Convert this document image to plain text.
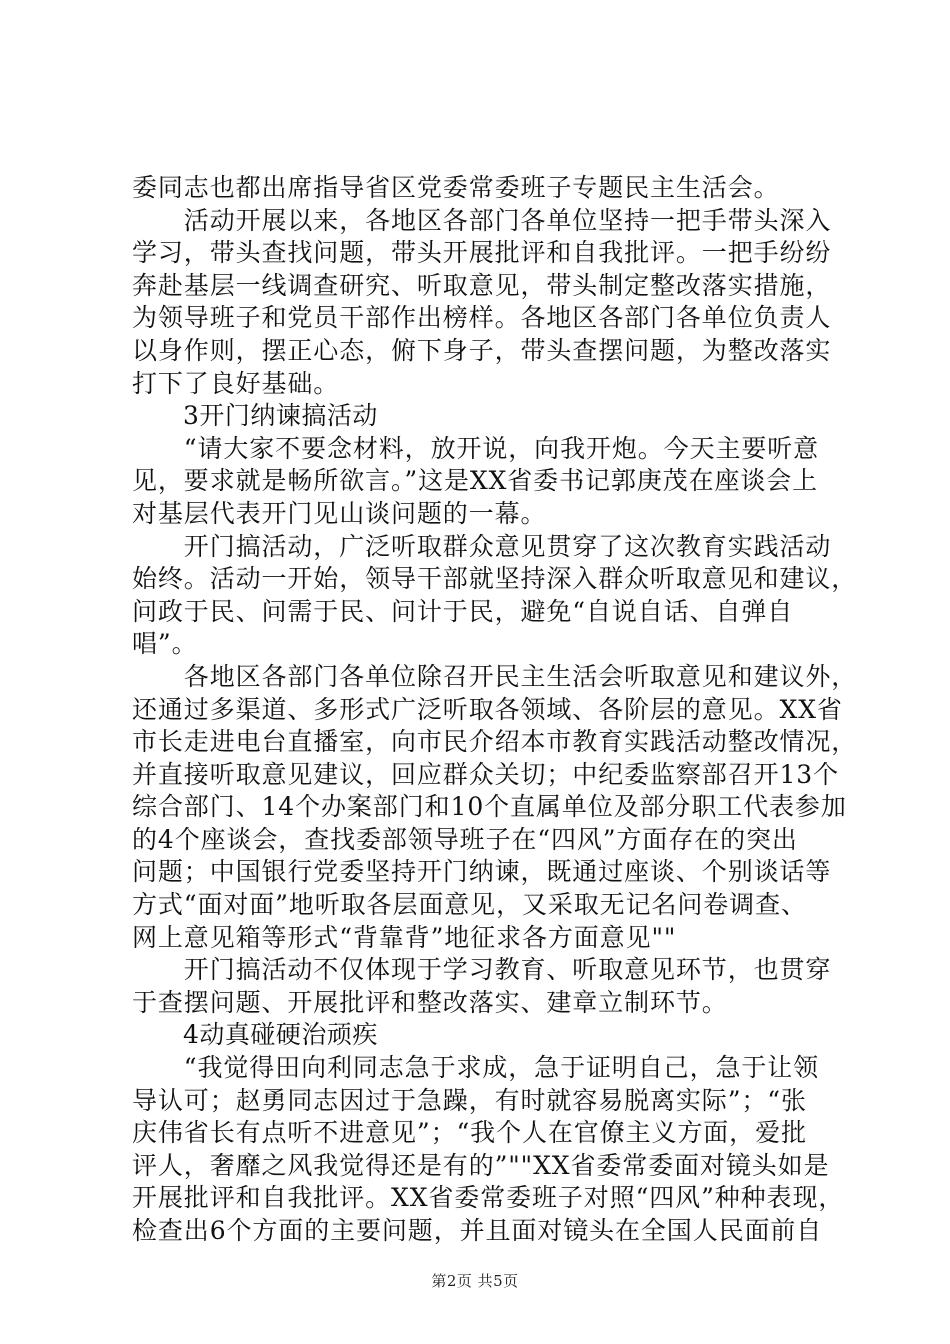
委同志也都出席指导省区党委常委班子专题民主生活会。
　　活动开展以来，各地区各部门各单位坚持一把手带头深入
学习，带头查找问题，带头开展批评和自我批评。一把手纷纷
奔赴基层一线调查研究、听取意见，带头制定整改落实措施，
为领导班子和党员干部作出榜样。各地区各部门各单位负责人
以身作则，摆正心态，俯下身子，带头查摆问题，为整改落实
打下了良好基础。
　　3开门纳谏搞活动
　　“请大家不要念材料，放开说，向我开炮。今天主要听意
见，要求就是畅所欲言。”这是XX省委书记郭庚茂在座谈会上
对基层代表开门见山谈问题的一幕。
　　开门搞活动，广泛听取群众意见贯穿了这次教育实践活动
始终。活动一开始，领导干部就坚持深入群众听取意见和建议，
问政于民、问需于民、问计于民，避免“自说自话、自弹自
唱”。
　　各地区各部门各单位除召开民主生活会听取意见和建议外，
还通过多渠道、多形式广泛听取各领域、各阶层的意见。XX省
市长走进电台直播室，向市民介绍本市教育实践活动整改情况，
并直接听取意见建议，回应群众关切；中纪委监察部召开13个
综合部门、14个办案部门和10个直属单位及部分职工代表参加
的4个座谈会，查找委部领导班子在“四风”方面存在的突出
问题；中国银行党委坚持开门纳谏，既通过座谈、个别谈话等
方式“面对面”地听取各层面意见，又采取无记名问卷调查、
网上意见箱等形式“背靠背”地征求各方面意见""
　　开门搞活动不仅体现于学习教育、听取意见环节，也贯穿
于查摆问题、开展批评和整改落实、建章立制环节。
　　4动真碰硬治顽疾
　　“我觉得田向利同志急于求成，急于证明自己，急于让领
导认可；赵勇同志因过于急躁，有时就容易脱离实际”；“张
庆伟省长有点听不进意见”；“我个人在官僚主义方面，爱批
评人，奢靡之风我觉得还是有的”""XX省委常委面对镜头如是
开展批评和自我批评。XX省委常委班子对照“四风”种种表现，
检查出6个方面的主要问题，并且面对镜头在全国人民面前自
第2页 共5页
